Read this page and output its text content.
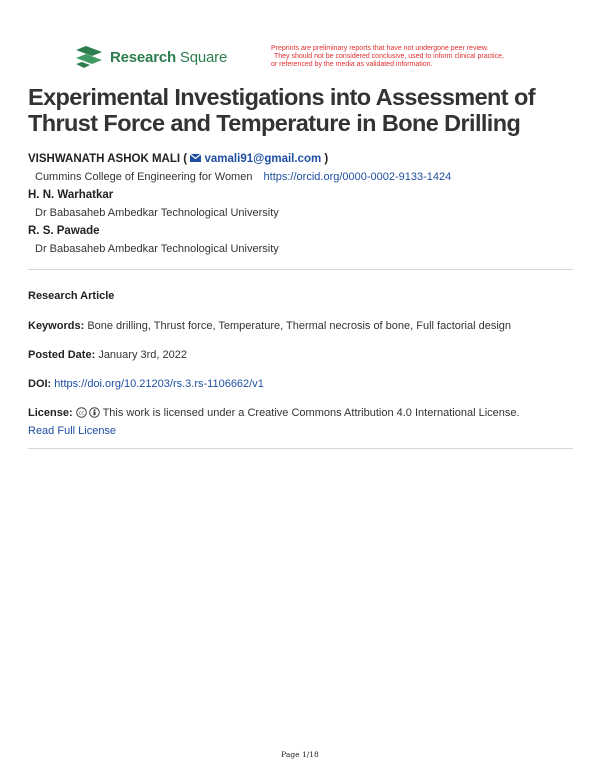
Research Square	Preprints are preliminary reports that have not undergone peer review.
They should not be considered conclusive, used to inform clinical practice,
or referenced by the media as validated information.
Experimental Investigations into Assessment of Thrust Force and Temperature in Bone Drilling
VISHWANATH ASHOK MALI ( vamali91@gmail.com )
Cummins College of Engineering for Women https://orcid.org/0000-0002-9133-1424
H. N. Warhatkar
Dr Babasaheb Ambedkar Technological University
R. S. Pawade
Dr Babasaheb Ambedkar Technological University
Research Article
Keywords: Bone drilling, Thrust force, Temperature, Thermal necrosis of bone, Full factorial design
Posted Date: January 3rd, 2022
DOI: https://doi.org/10.21203/rs.3.rs-1106662/v1
License: cc This work is licensed under a Creative Commons Attribution 4.0 International License.
Read Full License
Page 1/18
